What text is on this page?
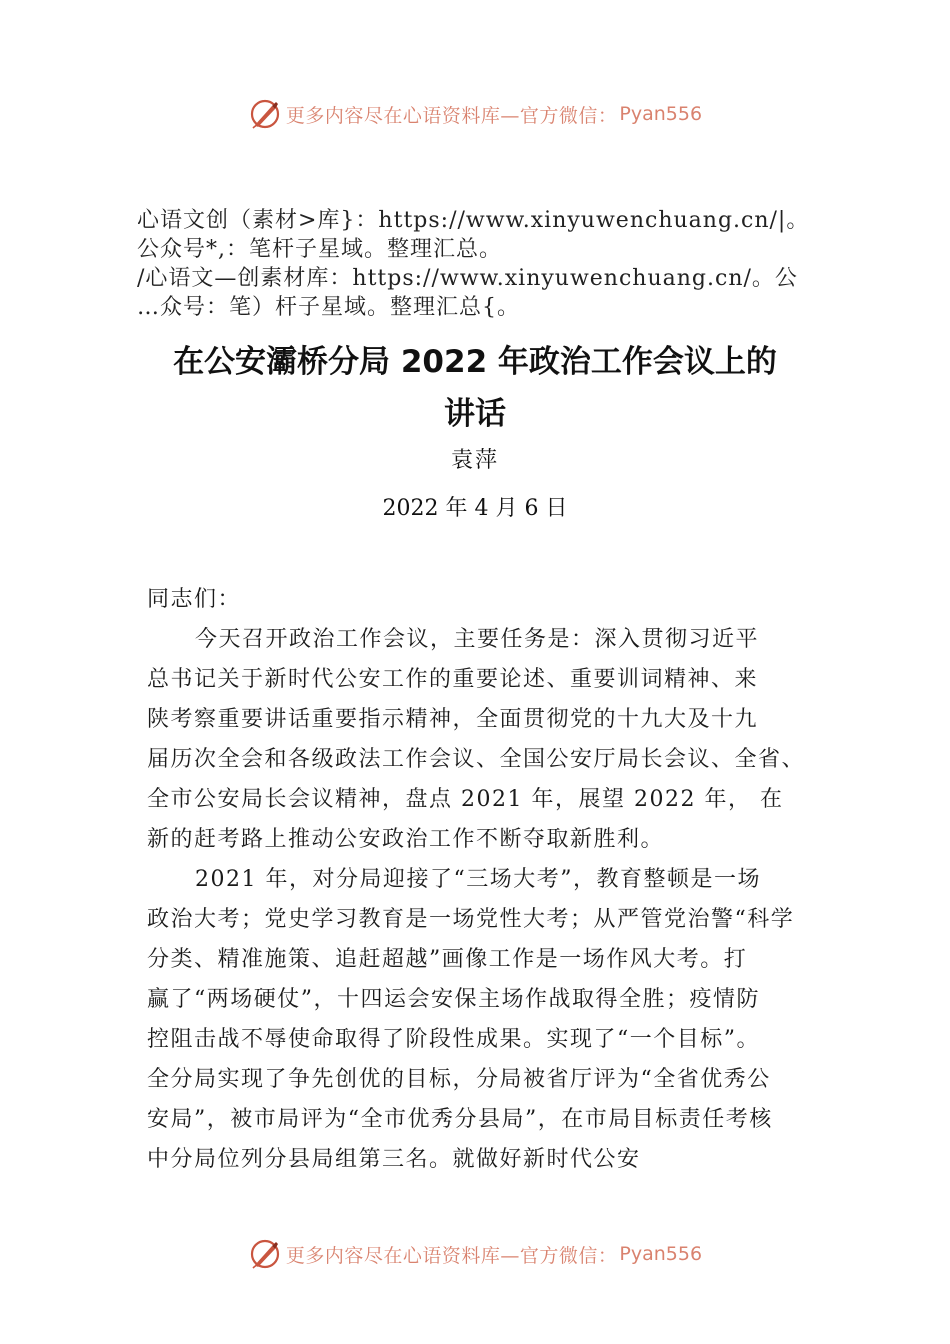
更多内容尽在心语资料库—官方微信： Pyan556
心语文创（素材>库}：https://www.xinyuwenchuang.cn/|。
公众号*,：笔杆子星域。整理汇总。
/心语文—创素材库：https://www.xinyuwenchuang.cn/。公
…众号：笔）杆子星域。整理汇总{。
在公安灞桥分局 2022 年政治工作会议上的
讲话
袁萍
2022 年 4 月 6 日
同志们：
今天召开政治工作会议，主要任务是：深入贯彻习近平
总书记关于新时代公安工作的重要论述、重要训词精神、来
陕考察重要讲话重要指示精神，全面贯彻党的十九大及十九
届历次全会和各级政法工作会议、全国公安厅局长会议、全省、
全市公安局长会议精神，盘点 2021 年，展望 2022 年， 在
新的赶考路上推动公安政治工作不断夺取新胜利。
2021 年，对分局迎接了“三场大考”，教育整顿是一场
政治大考；党史学习教育是一场党性大考；从严管党治警“科学
分类、精准施策、追赶超越”画像工作是一场作风大考。打
赢了“两场硬仗”，十四运会安保主场作战取得全胜；疫情防
控阻击战不辱使命取得了阶段性成果。实现了“一个目标”。
全分局实现了争先创优的目标，分局被省厅评为“全省优秀公
安局”，被市局评为“全市优秀分县局”，在市局目标责任考核
中分局位列分县局组第三名。就做好新时代公安
更多内容尽在心语资料库—官方微信： Pyan556
